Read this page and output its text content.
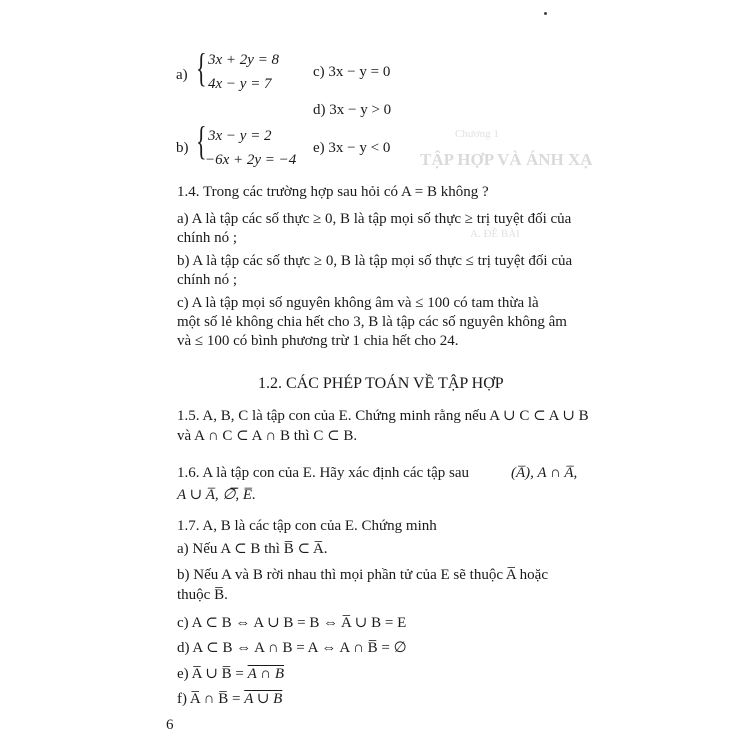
Chương 1
TẬP HỢP VÀ ÁNH XẠ
A. ĐỀ BÀI
a) { 3x + 2y = 8
4x − y = 7
c) 3x − y = 0
d) 3x − y > 0
b) { 3x − y = 2
−6x + 2y = −4
e) 3x − y < 0
1.4. Trong các trường hợp sau hỏi có A = B không ?
a) A là tập các số thực ≥ 0, B là tập mọi số thực ≥ trị tuyệt đối của
chính nó ;
b) A là tập các số thực ≥ 0, B là tập mọi số thực ≤ trị tuyệt đối của
chính nó ;
c) A là tập mọi số nguyên không âm và ≤ 100 có tam thừa là
một số lẻ không chia hết cho 3, B là tập các số nguyên không âm
và ≤ 100 có bình phương trừ 1 chia hết cho 24.
1.2. CÁC PHÉP TOÁN VỀ TẬP HỢP
1.5. A, B, C là tập con của E. Chứng minh rằng nếu A ∪ C ⊂ A ∪ B
và A ∩ C ⊂ A ∩ B thì C ⊂ B.
1.6. A là tập con của E. Hãy xác định các tập sau	(A̅), A ∩ A̅,
A ∪ A̅, ∅̅, E̅.
1.7. A, B là các tập con của E. Chứng minh
a) Nếu A ⊂ B thì B̅ ⊂ A̅.
b) Nếu A và B rời nhau thì mọi phần tử của E sẽ thuộc A̅ hoặc
thuộc B̅.
c) A ⊂ B ⇔ A ∪ B = B ⇔ A̅ ∪ B = E
d) A ⊂ B ⇔ A ∩ B = A ⇔ A ∩ B̅ = ∅
e) A̅ ∪ B̅ = A ∩ B
f) A̅ ∩ B̅ = A ∪ B
6
